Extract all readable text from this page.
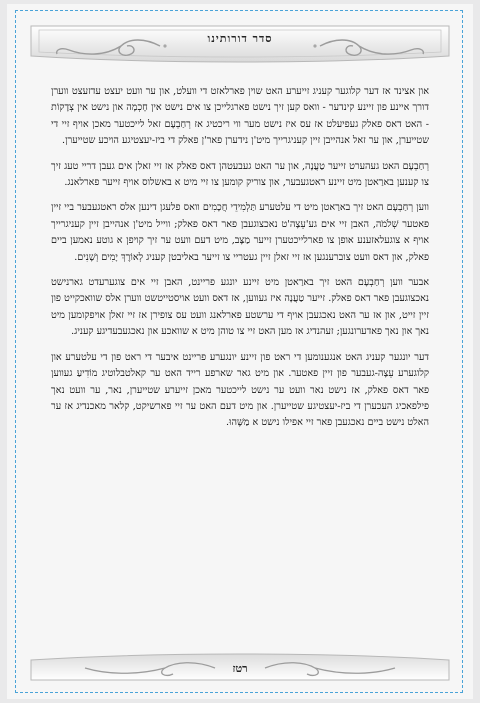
סדר דורותינו

און אצינד אז דער קלוגער קעניג זייערע האט שוין פארלאזט די וועלט, און ער וועט יעצט עדזעצט ווערן דורך איינע פון זיינע קינדער - וואס קען זיך נישט פארגלייכן צו אים נישט אין חָכְמָה און נישט אין צְדָקוֹת - האט דאס פאלק געפיעלט אז עס איז נישט מער ווי ריכטיג אז רְחַבְעָם זאל לייכטער מאכן אויף זיי די שטייערן, און ער זאל אנהייבן זיין קעניגרייך מיט'ן נידערן פאר'ן פאלק די ביז-יעצטיגע הויכע שטייערן.

רְחַבְעָם האט געהערט זייער טַעֲנָה, און ער האט געבעטהן דאס פאלק אז זיי זאלן אים געבן דריי טעג זיך צו קענען בארַאטן מיט זיינע ראטגעבער, און צוריק קומען צו זיי מיט א באשלוס אויף זייער פארלאנג.

ווען רְחַבְעָם האט זיך בארַאטן מיט די עלטערע תַּלְמִידֵי חֲכָמִים וואס פלעגן דינען אלס ראטגעבער ביי זיין פאטער שְׁלֹמֹה, האבן זיי אים גע'עֵצָה'ט נאכצוגעבן פאר דאס פאלק; ווייל מיט'ן אנהייבן זיין קעניגרייך אויף א צוגעלאזענע אופן צו פארלייכטערן זייער מַצָּב, מיט דעם וועט ער זיך קויפן א גוטע נאמען ביים פאלק, און דאס וועט צוברענגען אז זיי זאלן זיין געטריי צו זייער באליבטן קעניג לְאוֹרֶךְ יָמִים וְשָׁנִים.

אבער ווען רְחַבְעָם האט זיך בארַאטן מיט זיינע יונגע פריינט, האבן זיי אים צוגערעדט גארנישט נאכצוגעבן פאר דאס פאלק. זייער טַעֲנָה איז געווען, אז דאס וועט אויסטייטשט ווערן אלס שוואכקייט פון זיין זייט, און אז ער האט נאכגעבן אויף די ערשטע פארלאנג וועט עס צופירן אז זיי זאלן אויפקומען מיט נאך און נאך פאדערונגען; זעהנדיג אז מען האט זיי צו טוהן מיט א שוואכע און נאכגעבעדיגע קעניג.

דער יונגער קעניג האט אנגענומען די ראט פון זיינע יונגערע פריינט איבער די ראט פון די עלטערע און קלוגערע עֵצָה-געבער פון זיין פאטער. און מיט גאר שארפע רייד האט ער קאלטבלוטיג מוֹדִיעַ געווען פאר דאס פאלק, אז נישט נאר וועט ער נישט לייכטער מאכן זייערע שטייערן, נאר, ער וועט נאך פילפאכיג העכערן די ביז-יעצטיגע שטייערן. און מיט דעם האט ער זיי פארשיקט, קלאר מאכנדיג אז ער האלט נישט ביים נאכגעבן פאר זיי אפילו נישט א מַשֶּׁהוּ.

רטז
